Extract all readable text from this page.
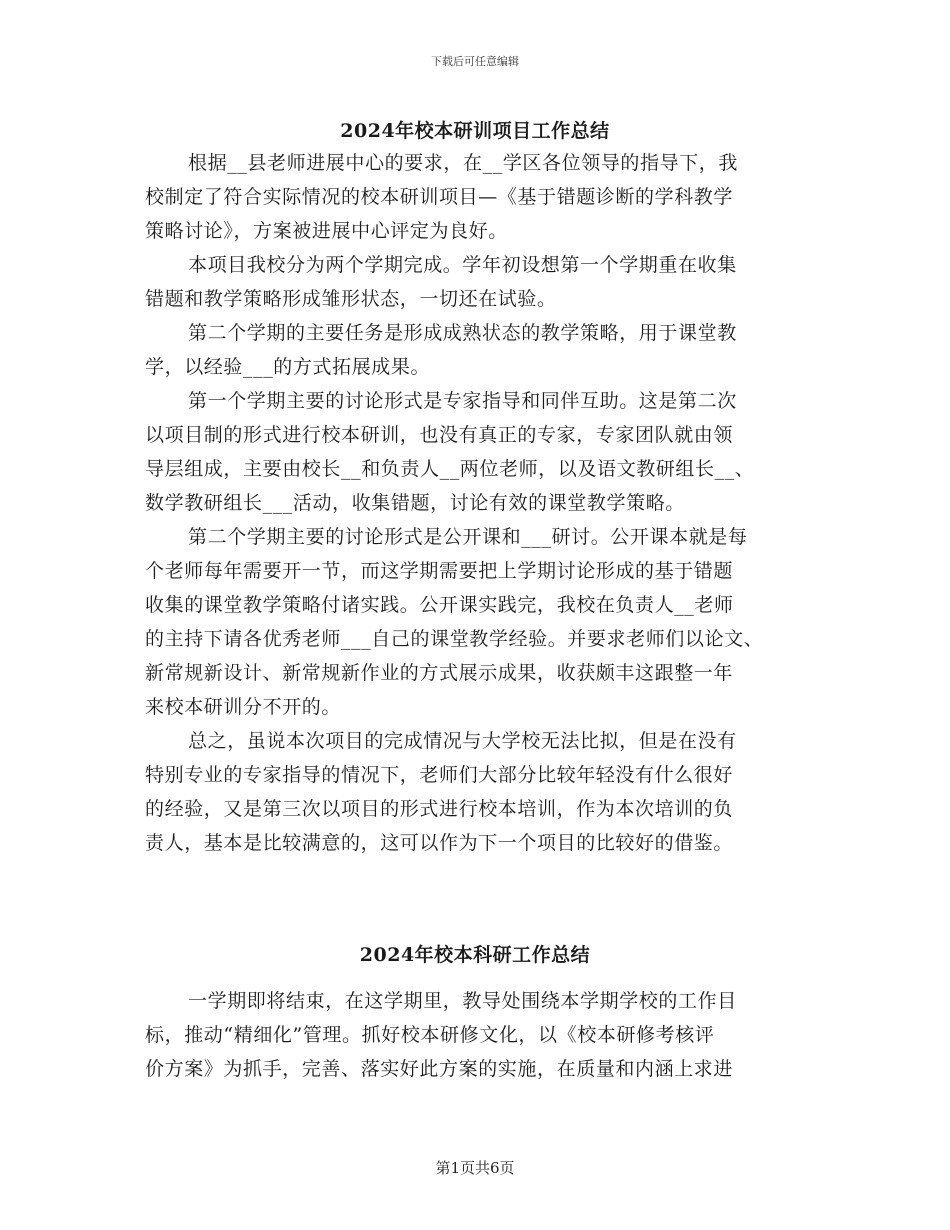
下载后可任意编辑
2024年校本研训项目工作总结
根据__县老师进展中心的要求，在__学区各位领导的指导下，我
校制定了符合实际情况的校本研训项目—《基于错题诊断的学科教学
策略讨论》，方案被进展中心评定为良好。
本项目我校分为两个学期完成。学年初设想第一个学期重在收集
错题和教学策略形成雏形状态，一切还在试验。
第二个学期的主要任务是形成成熟状态的教学策略，用于课堂教
学，以经验___的方式拓展成果。
第一个学期主要的讨论形式是专家指导和同伴互助。这是第二次
以项目制的形式进行校本研训，也没有真正的专家，专家团队就由领
导层组成，主要由校长__和负责人__两位老师，以及语文教研组长__、
数学教研组长___活动，收集错题，讨论有效的课堂教学策略。
第二个学期主要的讨论形式是公开课和___研讨。公开课本就是每
个老师每年需要开一节，而这学期需要把上学期讨论形成的基于错题
收集的课堂教学策略付诸实践。公开课实践完，我校在负责人__老师
的主持下请各优秀老师___自己的课堂教学经验。并要求老师们以论文、
新常规新设计、新常规新作业的方式展示成果，收获颇丰这跟整一年
来校本研训分不开的。
总之，虽说本次项目的完成情况与大学校无法比拟，但是在没有
特别专业的专家指导的情况下，老师们大部分比较年轻没有什么很好
的经验，又是第三次以项目的形式进行校本培训，作为本次培训的负
责人，基本是比较满意的，这可以作为下一个项目的比较好的借鉴。
2024年校本科研工作总结
一学期即将结束，在这学期里，教导处围绕本学期学校的工作目
标，推动“精细化”管理。抓好校本研修文化，以《校本研修考核评
价方案》为抓手，完善、落实好此方案的实施，在质量和内涵上求进
第1页共6页
